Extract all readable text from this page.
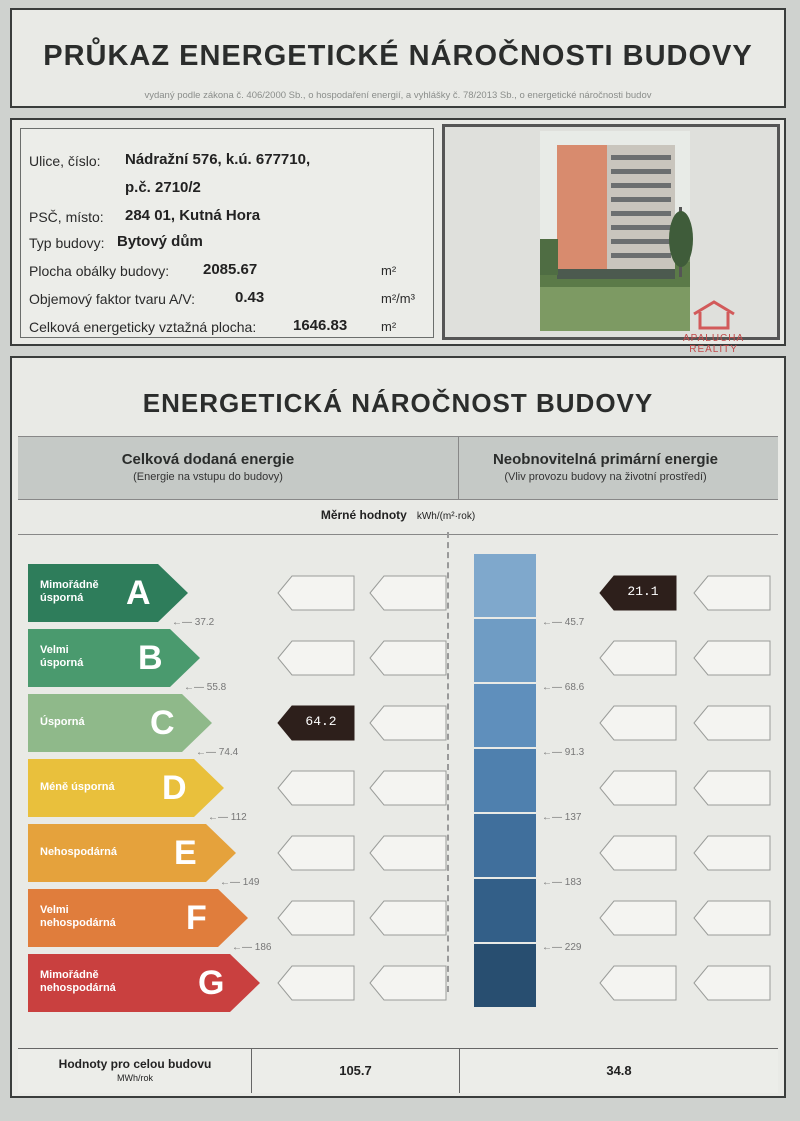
PRŮKAZ ENERGETICKÉ NÁROČNOSTI BUDOVY
vydaný podle zákona č. 406/2000 Sb., o hospodaření energií, a vyhlášky č. 78/2013 Sb., o energetické náročnosti budov
Ulice, číslo: Nádražní 576, k.ú. 677710,
p.č. 2710/2
PSČ, místo: 284 01, Kutná Hora
Typ budovy: Bytový dům
Plocha obálky budovy: 2085.67	m²
Objemový faktor tvaru A/V:	0.43	m²/m³
Celková energeticky vztažná plocha: 1646.83	m²
APALUCHA
REALITY
ENERGETICKÁ NÁROČNOST BUDOVY
Celková dodaná energie
(Energie na vstupu do budovy)
Neobnovitelná primární energie
(Vliv provozu budovy na životní prostředí)
Měrné hodnoty kWh/(m²·rok)
Mimořádně
úsporná	A
Velmi
úsporná B
Úsporná C
Méně úsporná D
Nehospodárná E
Velmi
nehospodárná F
Mimořádně
nehospodárná G
64.2
21.1
←— 37.2
←— 55.8
←— 74.4
←— 112
←— 149
←— 186
←— 45.7
←— 68.6
←— 91.3
←— 137
←— 183
←— 229
Hodnoty pro celou budovu
MWh/rok	105.7	34.8
